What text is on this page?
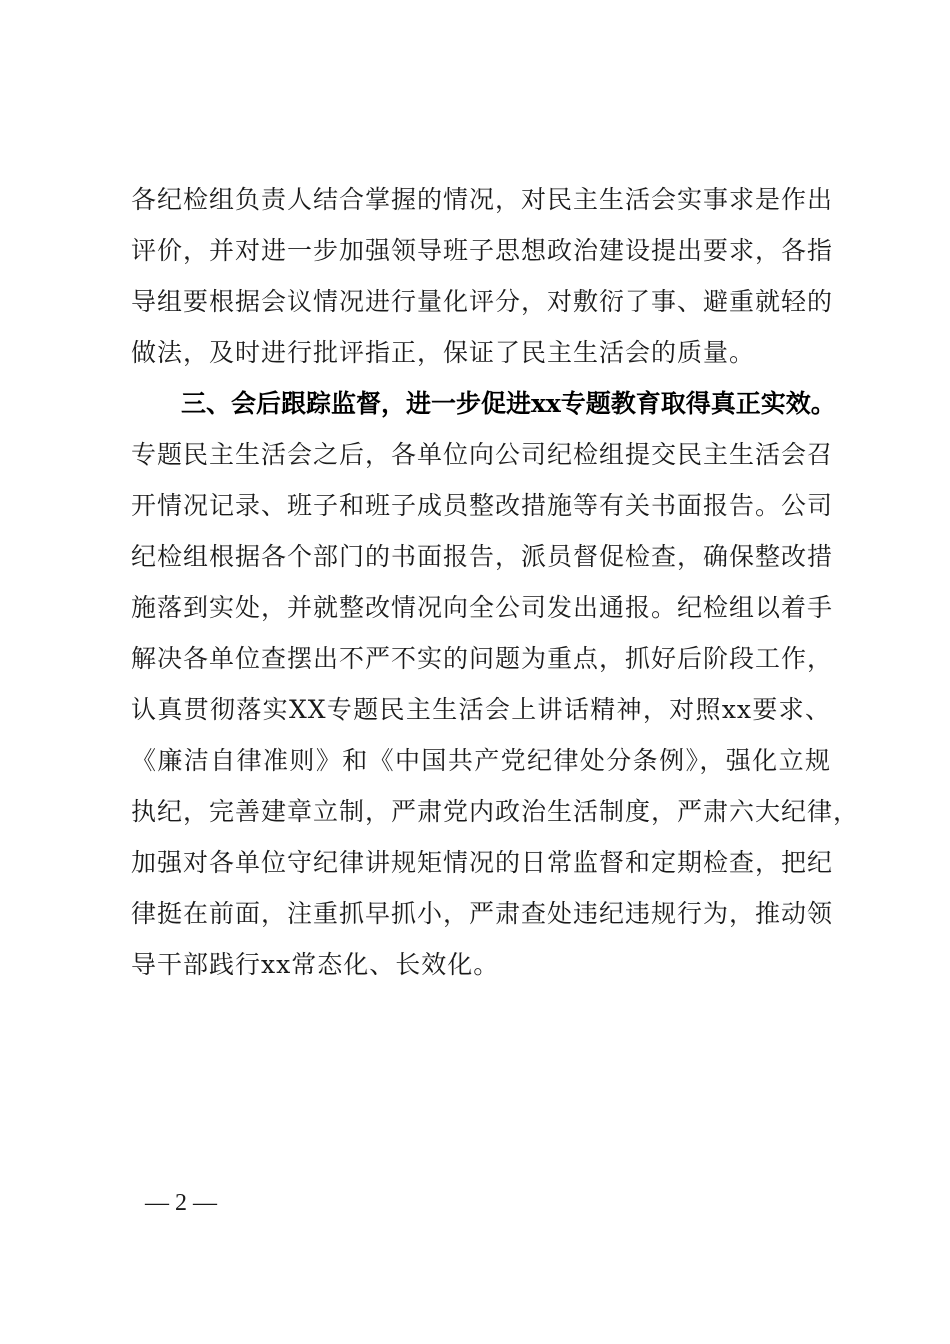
各纪检组负责人结合掌握的情况，对民主生活会实事求是作出
评价，并对进一步加强领导班子思想政治建设提出要求，各指
导组要根据会议情况进行量化评分，对敷衍了事、避重就轻的
做法，及时进行批评指正，保证了民主生活会的质量。
三、会后跟踪监督，进一步促进xx专题教育取得真正实效。
专题民主生活会之后，各单位向公司纪检组提交民主生活会召
开情况记录、班子和班子成员整改措施等有关书面报告。公司
纪检组根据各个部门的书面报告，派员督促检查，确保整改措
施落到实处，并就整改情况向全公司发出通报。纪检组以着手
解决各单位查摆出不严不实的问题为重点，抓好后阶段工作，
认真贯彻落实XX专题民主生活会上讲话精神，对照xx要求、
《廉洁自律准则》和《中国共产党纪律处分条例》，强化立规
执纪，完善建章立制，严肃党内政治生活制度，严肃六大纪律，
加强对各单位守纪律讲规矩情况的日常监督和定期检查，把纪
律挺在前面，注重抓早抓小，严肃查处违纪违规行为，推动领
导干部践行xx常态化、长效化。
— 2 —
